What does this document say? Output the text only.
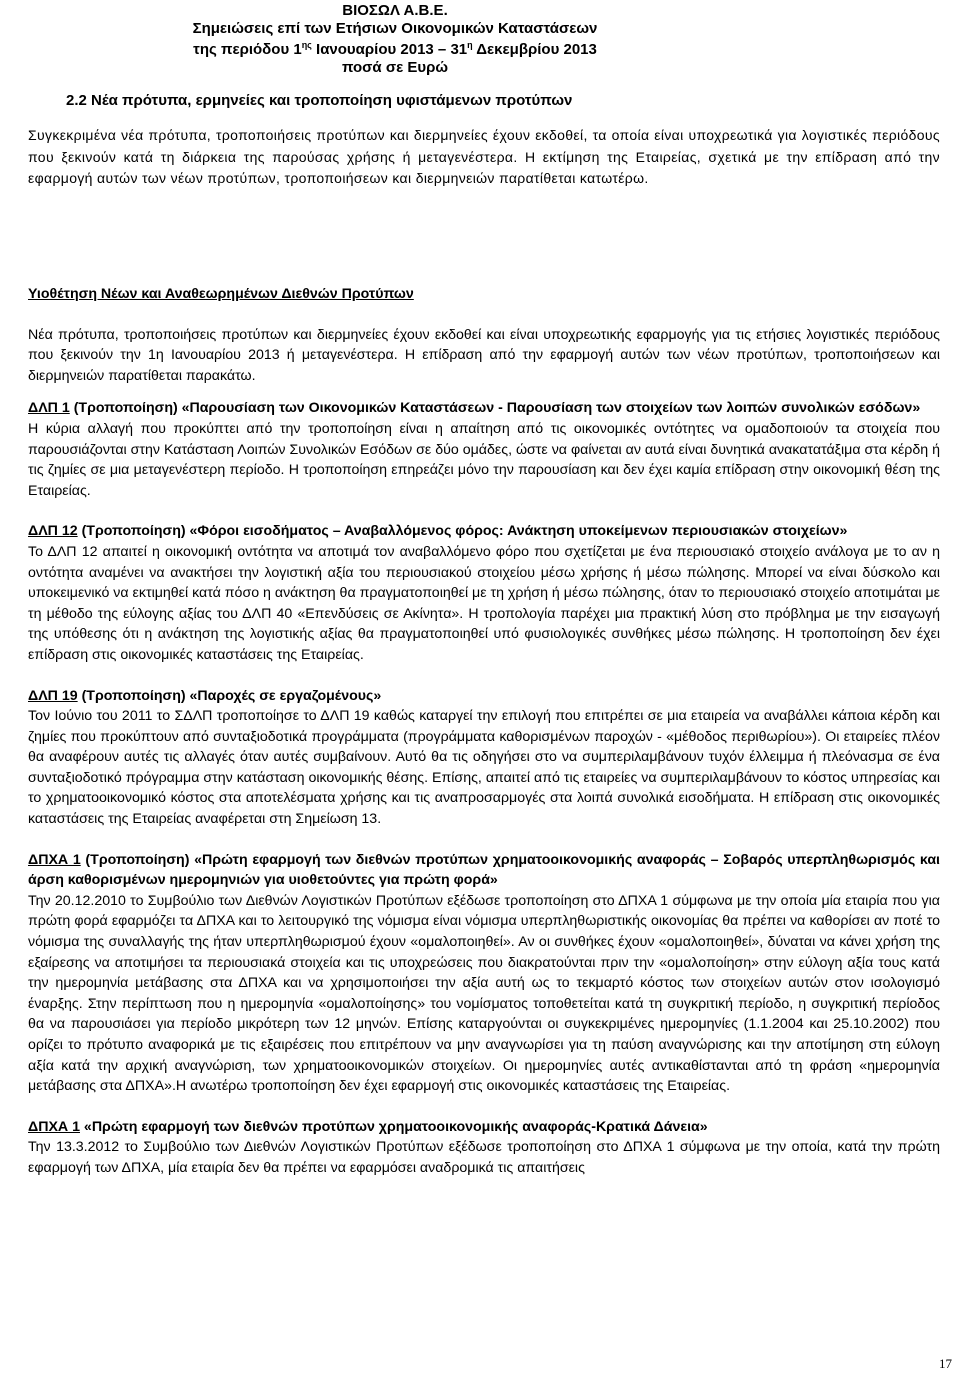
ΒΙΟΣΩΛ Α.Β.Ε.
Σημειώσεις επί των Ετήσιων Οικονομικών Καταστάσεων
της περιόδου $1^{\eta\varsigma}$ Ιανουαρίου $2013 - 31^\eta$ Δεκεμβρίου 2013
ποσά σε Ευρώ
2.2 Νέα πρότυπα, ερμηνείες και τροποποίηση υφιστάμενων προτύπων
Συγκεκριμένα νέα πρότυπα, τροποποιήσεις προτύπων και διερμηνείες έχουν εκδοθεί, τα οποία είναι υποχρεωτικά για λογιστικές περιόδους που ξεκινούν κατά τη διάρκεια της παρούσας χρήσης ή μεταγενέστερα. Η εκτίμηση της Εταιρείας, σχετικά με την επίδραση από την εφαρμογή αυτών των νέων προτύπων, τροποποιήσεων και διερμηνειών παρατίθεται κατωτέρω.

Υιοθέτηση Νέων και Αναθεωρημένων Διεθνών Προτύπων

Νέα πρότυπα, τροποποιήσεις προτύπων και διερμηνείες έχουν εκδοθεί και είναι υποχρεωτικής εφαρμογής για τις ετήσιες λογιστικές περιόδους που ξεκινούν την 1η Ιανουαρίου 2013 ή μεταγενέστερα. Η επίδραση από την εφαρμογή αυτών των νέων προτύπων, τροποποιήσεων και διερμηνειών παρατίθεται παρακάτω.

ΔΛΠ 1 (Τροποποίηση) «Παρουσίαση των Οικονομικών Καταστάσεων - Παρουσίαση των στοιχείων των λοιπών συνολικών εσόδων»

Η κύρια αλλαγή που προκύπτει από την τροποποίηση είναι η απαίτηση από τις οικονομικές οντότητες να ομαδοποιούν τα στοιχεία που παρουσιάζονται στην Κατάσταση Λοιπών Συνολικών Εσόδων σε δύο ομάδες, ώστε να φαίνεται αν αυτά είναι δυνητικά ανακατατάξιμα στα κέρδη ή τις ζημίες σε μια μεταγενέστερη περίοδο. Η τροποποίηση επηρεάζει μόνο την παρουσίαση και δεν έχει καμία επίδραση στην οικονομική θέση της Εταιρείας.

ΔΛΠ 12 (Τροποποίηση) «Φόροι εισοδήματος – Αναβαλλόμενος φόρος: Ανάκτηση υποκείμενων περιουσιακών στοιχείων»

Το ΔΛΠ 12 απαιτεί η οικονομική οντότητα να αποτιμά τον αναβαλλόμενο φόρο που σχετίζεται με ένα περιουσιακό στοιχείο ανάλογα με το αν η οντότητα αναμένει να ανακτήσει την λογιστική αξία του περιουσιακού στοιχείου μέσω χρήσης ή μέσω πώλησης. Μπορεί να είναι δύσκολο και υποκειμενικό να εκτιμηθεί κατά πόσο η ανάκτηση θα πραγματοποιηθεί με τη χρήση ή μέσω πώλησης, όταν το περιουσιακό στοιχείο αποτιμάται με τη μέθοδο της εύλογης αξίας του ΔΛΠ 40 «Επενδύσεις σε Ακίνητα». Η τροπολογία παρέχει μια πρακτική λύση στο πρόβλημα με την εισαγωγή της υπόθεσης ότι η ανάκτηση της λογιστικής αξίας θα πραγματοποιηθεί υπό φυσιολογικές συνθήκες μέσω πώλησης. Η τροποποίηση δεν έχει επίδραση στις οικονομικές καταστάσεις της Εταιρείας.

ΔΛΠ 19 (Τροποποίηση) «Παροχές σε εργαζομένους»

Τον Ιούνιο του 2011 το ΣΔΛΠ τροποποίησε το ΔΛΠ 19 καθώς καταργεί την επιλογή που επιτρέπει σε μια εταιρεία να αναβάλλει κάποια κέρδη και ζημίες που προκύπτουν από συνταξιοδοτικά προγράμματα (προγράμματα καθορισμένων παροχών - «μέθοδος περιθωρίου»). Οι εταιρείες πλέον θα αναφέρουν αυτές τις αλλαγές όταν αυτές συμβαίνουν. Αυτό θα τις οδηγήσει στο να συμπεριλαμβάνουν τυχόν έλλειμμα ή πλεόνασμα σε ένα συνταξιοδοτικό πρόγραμμα στην κατάσταση οικονομικής θέσης. Επίσης, απαιτεί από τις εταιρείες να συμπεριλαμβάνουν το κόστος υπηρεσίας και το χρηματοοικονομικό κόστος στα αποτελέσματα χρήσης και τις αναπροσαρμογές στα λοιπά συνολικά εισοδήματα. Η επίδραση στις οικονομικές καταστάσεις της Εταιρείας αναφέρεται στη Σημείωση 13.

ΔΠΧΑ 1 (Τροποποίηση) «Πρώτη εφαρμογή των διεθνών προτύπων χρηματοοικονομικής αναφοράς – Σοβαρός υπερπληθωρισμός και άρση καθορισμένων ημερομηνιών για υιοθετούντες για πρώτη φορά»

Την 20.12.2010 το Συμβούλιο των Διεθνών Λογιστικών Προτύπων εξέδωσε τροποποίηση στο ΔΠΧΑ 1 σύμφωνα με την οποία μία εταιρία που για πρώτη φορά εφαρμόζει τα ΔΠΧΑ και το λειτουργικό της νόμισμα είναι νόμισμα υπερπληθωριστικής οικονομίας θα πρέπει να καθορίσει αν ποτέ το νόμισμα της συναλλαγής της ήταν υπερπληθωρισμού έχουν «ομαλοποιηθεί». Αν οι συνθήκες έχουν «ομαλοποιηθεί», δύναται να κάνει χρήση της εξαίρεσης να αποτιμήσει τα περιουσιακά στοιχεία και τις υποχρεώσεις που διακρατούνται πριν την «ομαλοποίηση» στην εύλογη αξία τους κατά την ημερομηνία μετάβασης στα ΔΠΧΑ και να χρησιμοποιήσει την αξία αυτή ως το τεκμαρτό κόστος των στοιχείων αυτών στον ισολογισμό έναρξης. Στην περίπτωση που η ημερομηνία «ομαλοποίησης» του νομίσματος τοποθετείται κατά τη συγκριτική περίοδο, η συγκριτική περίοδος θα να παρουσιάσει για περίοδο μικρότερη των 12 μηνών. Επίσης καταργούνται οι συγκεκριμένες ημερομηνίες (1.1.2004 και 25.10.2002) που ορίζει το πρότυπο αναφορικά με τις εξαιρέσεις που επιτρέπουν να μην αναγνωρίσει για τη παύση αναγνώρισης και την αποτίμηση στη εύλογη αξία κατά την αρχική αναγνώριση, των χρηματοοικονομικών στοιχείων. Οι ημερομηνίες αυτές αντικαθίστανται από τη φράση «ημερομηνία μετάβασης στα ΔΠΧΑ».Η ανωτέρω τροποποίηση δεν έχει εφαρμογή στις οικονομικές καταστάσεις της Εταιρείας.

ΔΠΧΑ 1 «Πρώτη εφαρμογή των διεθνών προτύπων χρηματοοικονομικής αναφοράς-Κρατικά Δάνεια»

Την 13.3.2012 το Συμβούλιο των Διεθνών Λογιστικών Προτύπων εξέδωσε τροποποίηση στο ΔΠΧΑ 1 σύμφωνα με την οποία, κατά την πρώτη εφαρμογή των ΔΠΧΑ, μία εταιρία δεν θα πρέπει να εφαρμόσει αναδρομικά τις απαιτήσεις

17
